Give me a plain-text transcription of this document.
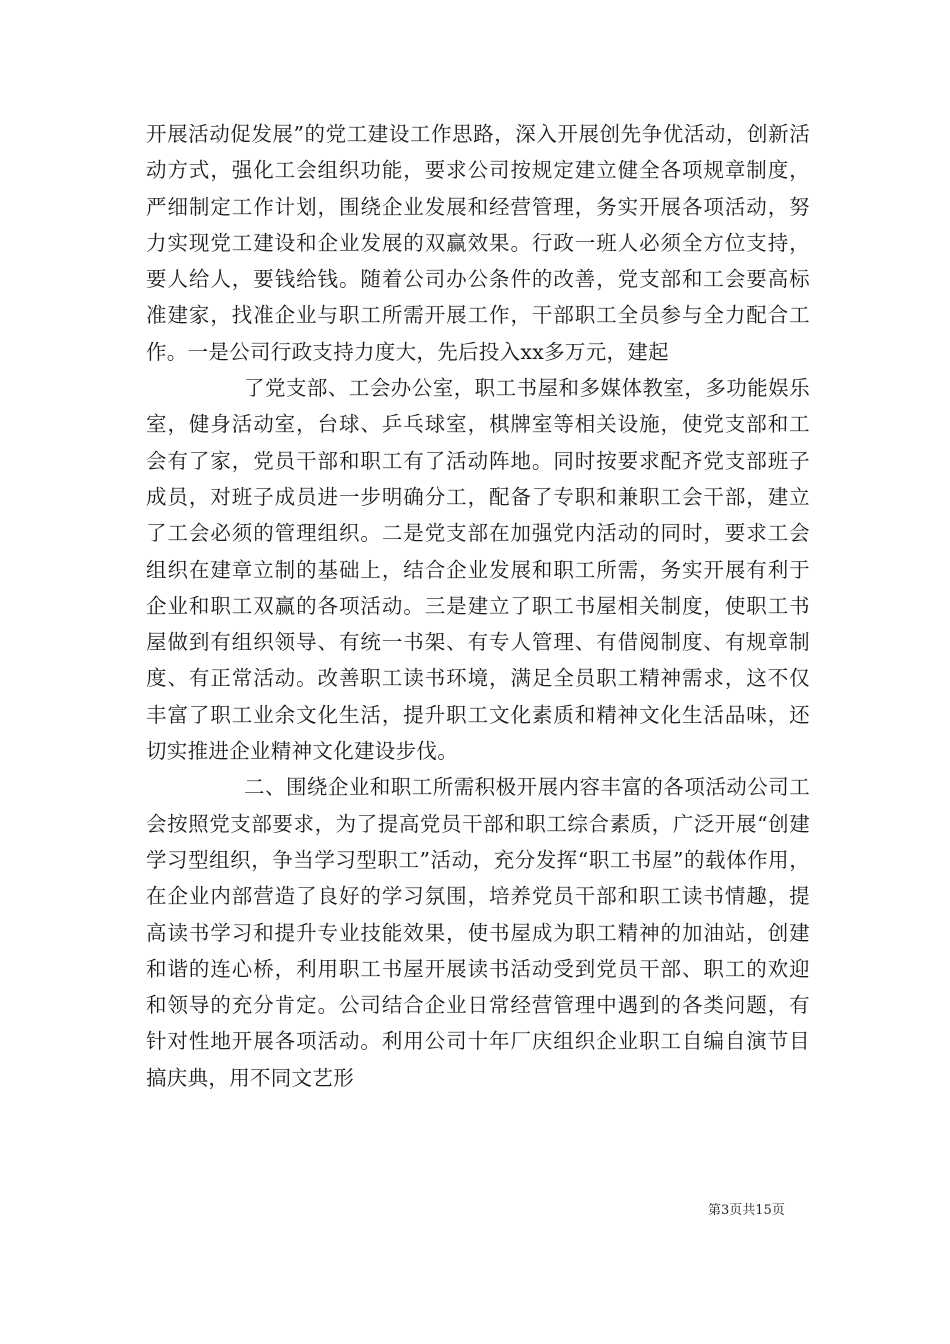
开展活动促发展”的党工建设工作思路，深入开展创先争优活动，创新活动方式，强化工会组织功能，要求公司按规定建立健全各项规章制度，严细制定工作计划，围绕企业发展和经营管理，务实开展各项活动，努力实现党工建设和企业发展的双赢效果。行政一班人必须全方位支持，要人给人，要钱给钱。随着公司办公条件的改善，党支部和工会要高标准建家，找准企业与职工所需开展工作，干部职工全员参与全力配合工作。一是公司行政支持力度大，先后投入xx多万元，建起

了党支部、工会办公室，职工书屋和多媒体教室，多功能娱乐室，健身活动室，台球、乒乓球室，棋牌室等相关设施，使党支部和工会有了家，党员干部和职工有了活动阵地。同时按要求配齐党支部班子成员，对班子成员进一步明确分工，配备了专职和兼职工会干部，建立了工会必须的管理组织。二是党支部在加强党内活动的同时，要求工会组织在建章立制的基础上，结合企业发展和职工所需，务实开展有利于企业和职工双赢的各项活动。三是建立了职工书屋相关制度，使职工书屋做到有组织领导、有统一书架、有专人管理、有借阅制度、有规章制度、有正常活动。改善职工读书环境，满足全员职工精神需求，这不仅丰富了职工业余文化生活，提升职工文化素质和精神文化生活品味，还切实推进企业精神文化建设步伐。

二、围绕企业和职工所需积极开展内容丰富的各项活动公司工会按照党支部要求，为了提高党员干部和职工综合素质，广泛开展“创建学习型组织，争当学习型职工”活动，充分发挥“职工书屋”的载体作用，在企业内部营造了良好的学习氛围，培养党员干部和职工读书情趣，提高读书学习和提升专业技能效果，使书屋成为职工精神的加油站，创建和谐的连心桥，利用职工书屋开展读书活动受到党员干部、职工的欢迎和领导的充分肯定。公司结合企业日常经营管理中遇到的各类问题，有针对性地开展各项活动。利用公司十年厂庆组织企业职工自编自演节目搞庆典，用不同文艺形

第3页共15页
